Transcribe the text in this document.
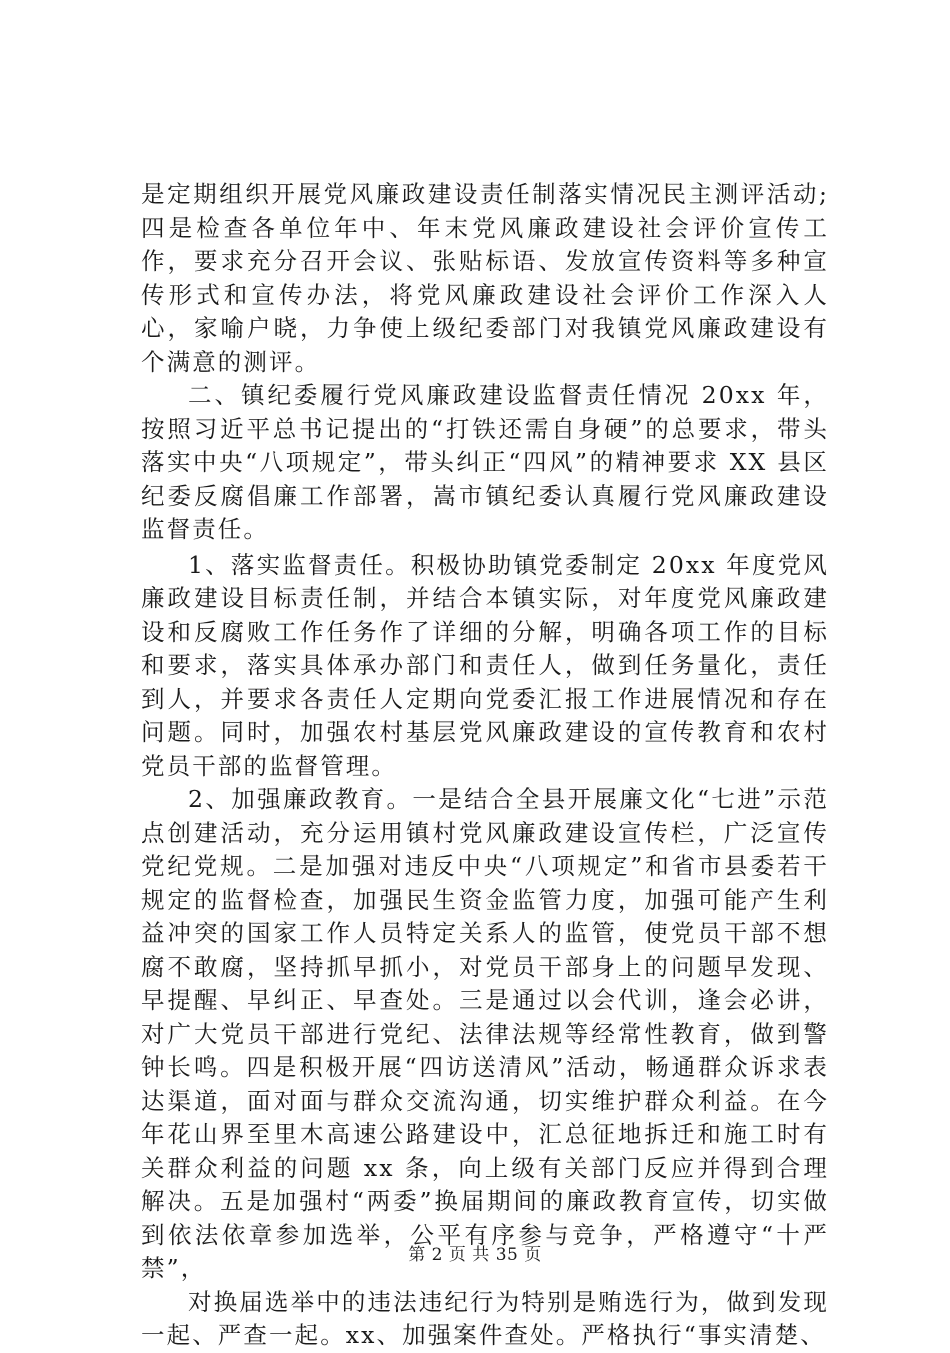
是定期组织开展党风廉政建设责任制落实情况民主测评活动;四是检查各单位年中、年末党风廉政建设社会评价宣传工作，要求充分召开会议、张贴标语、发放宣传资料等多种宣传形式和宣传办法，将党风廉政建设社会评价工作深入人心，家喻户晓，力争使上级纪委部门对我镇党风廉政建设有个满意的测评。

二、镇纪委履行党风廉政建设监督责任情况 20xx 年，按照习近平总书记提出的“打铁还需自身硬”的总要求，带头落实中央“八项规定”，带头纠正“四风”的精神要求 XX 县区纪委反腐倡廉工作部署，嵩市镇纪委认真履行党风廉政建设监督责任。

1、落实监督责任。积极协助镇党委制定 20xx 年度党风廉政建设目标责任制，并结合本镇实际，对年度党风廉政建设和反腐败工作任务作了详细的分解，明确各项工作的目标和要求，落实具体承办部门和责任人，做到任务量化，责任到人，并要求各责任人定期向党委汇报工作进展情况和存在问题。同时，加强农村基层党风廉政建设的宣传教育和农村党员干部的监督管理。

2、加强廉政教育。一是结合全县开展廉文化“七进”示范点创建活动，充分运用镇村党风廉政建设宣传栏，广泛宣传党纪党规。二是加强对违反中央“八项规定”和省市县委若干规定的监督检查，加强民生资金监管力度，加强可能产生利益冲突的国家工作人员特定关系人的监管，使党员干部不想腐不敢腐，坚持抓早抓小，对党员干部身上的问题早发现、早提醒、早纠正、早查处。三是通过以会代训，逢会必讲，对广大党员干部进行党纪、法律法规等经常性教育，做到警钟长鸣。四是积极开展“四访送清风”活动，畅通群众诉求表达渠道，面对面与群众交流沟通，切实维护群众利益。在今年花山界至里木高速公路建设中，汇总征地拆迁和施工时有关群众利益的问题 xx 条，向上级有关部门反应并得到合理解决。五是加强村“两委”换届期间的廉政教育宣传，切实做到依法依章参加选举，公平有序参与竞争，严格遵守“十严禁”，

对换届选举中的违法违纪行为特别是贿选行为，做到发现一起、严查一起。xx、加强案件查处。严格执行“事实清楚、

第 2 页 共 35 页
